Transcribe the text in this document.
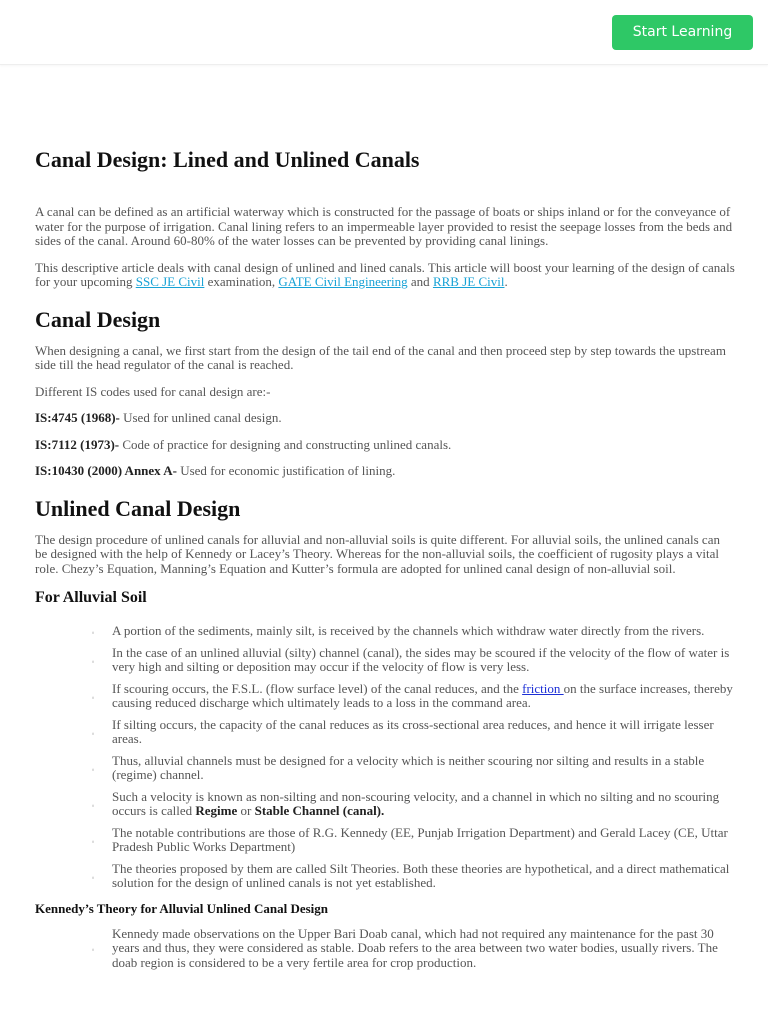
Start Learning
Canal Design: Lined and Unlined Canals

A canal can be defined as an artificial waterway which is constructed for the passage of boats or ships inland or for the conveyance of water for the purpose of irrigation. Canal lining refers to an impermeable layer provided to resist the seepage losses from the beds and sides of the canal. Around 60-80% of the water losses can be prevented by providing canal linings.

This descriptive article deals with canal design of unlined and lined canals. This article will boost your learning of the design of canals for your upcoming SSC JE Civil examination, GATE Civil Engineering and RRB JE Civil.

Canal Design

When designing a canal, we first start from the design of the tail end of the canal and then proceed step by step towards the upstream side till the head regulator of the canal is reached.

Different IS codes used for canal design are:-

IS:4745 (1968)- Used for unlined canal design.

IS:7112 (1973)- Code of practice for designing and constructing unlined canals.

IS:10430 (2000) Annex A- Used for economic justification of lining.

Unlined Canal Design

The design procedure of unlined canals for alluvial and non-alluvial soils is quite different. For alluvial soils, the unlined canals can be designed with the help of Kennedy or Lacey’s Theory. Whereas for the non-alluvial soils, the coefficient of rugosity plays a vital role. Chezy’s Equation, Manning’s Equation and Kutter’s formula are adopted for unlined canal design of non-alluvial soil.

For Alluvial Soil
◦ A portion of the sediments, mainly silt, is received by the channels which withdraw water directly from the rivers.
◦
In the case of an unlined alluvial (silty) channel (canal), the sides may be scoured if the velocity of the flow of water is very high and silting or deposition may occur if the velocity of flow is very less.
◦
If scouring occurs, the F.S.L. (flow surface level) of the canal reduces, and the friction on the surface increases, thereby causing reduced discharge which ultimately leads to a loss in the command area.
◦
If silting occurs, the capacity of the canal reduces as its cross-sectional area reduces, and hence it will irrigate lesser areas.
◦
Thus, alluvial channels must be designed for a velocity which is neither scouring nor silting and results in a stable (regime) channel.
◦
Such a velocity is known as non-silting and non-scouring velocity, and a channel in which no silting and no scouring occurs is called Regime or Stable Channel (canal).
◦
The notable contributions are those of R.G. Kennedy (EE, Punjab Irrigation Department) and Gerald Lacey (CE, Uttar Pradesh Public Works Department)
◦
The theories proposed by them are called Silt Theories. Both these theories are hypothetical, and a direct mathematical solution for the design of unlined canals is not yet established.
Kennedy’s Theory for Alluvial Unlined Canal Design
◦
Kennedy made observations on the Upper Bari Doab canal, which had not required any maintenance for the past 30 years and thus, they were considered as stable. Doab refers to the area between two water bodies, usually rivers. The doab region is considered to be a very fertile area for crop production.
